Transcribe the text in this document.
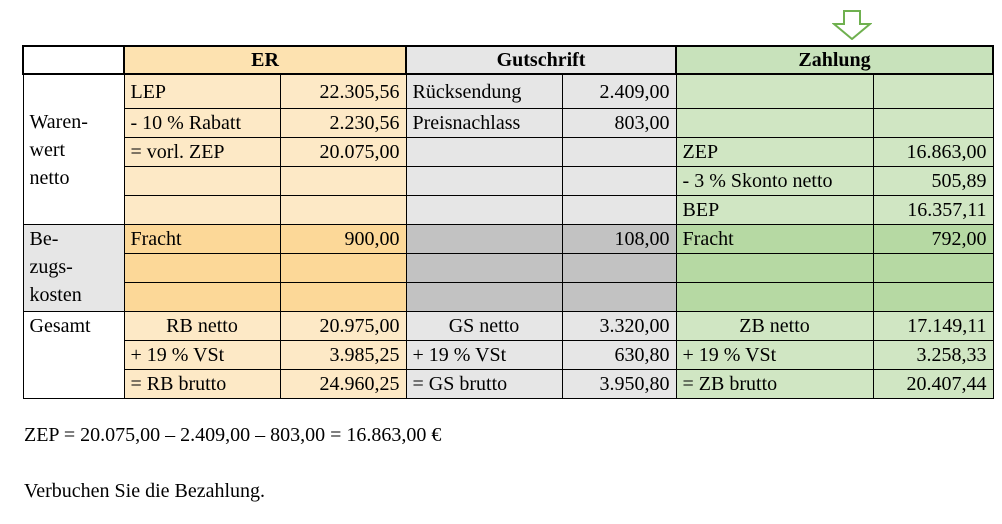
	ER		Gutschrift		Zahlung	
Waren-
wert
netto	LEP	22.305,56	Rücksendung	2.409,00		
	- 10 % Rabatt	2.230,56	Preisnachlass	803,00		
	= vorl. ZEP	20.075,00			ZEP	16.863,00
					- 3 % Skonto netto	505,89
					BEP	16.357,11
Be-
zugs-
kosten	Fracht	900,00		108,00	Fracht	792,00

Gesamt	RB netto	20.975,00	GS netto	3.320,00	ZB netto	17.149,11
	+ 19 % VSt	3.985,25	+ 19 % VSt	630,80	+ 19 % VSt	3.258,33
	= RB brutto	24.960,25	= GS brutto	3.950,80	= ZB brutto	20.407,44
ZEP = 20.075,00 – 2.409,00 – 803,00 = 16.863,00 €
Verbuchen Sie die Bezahlung.
